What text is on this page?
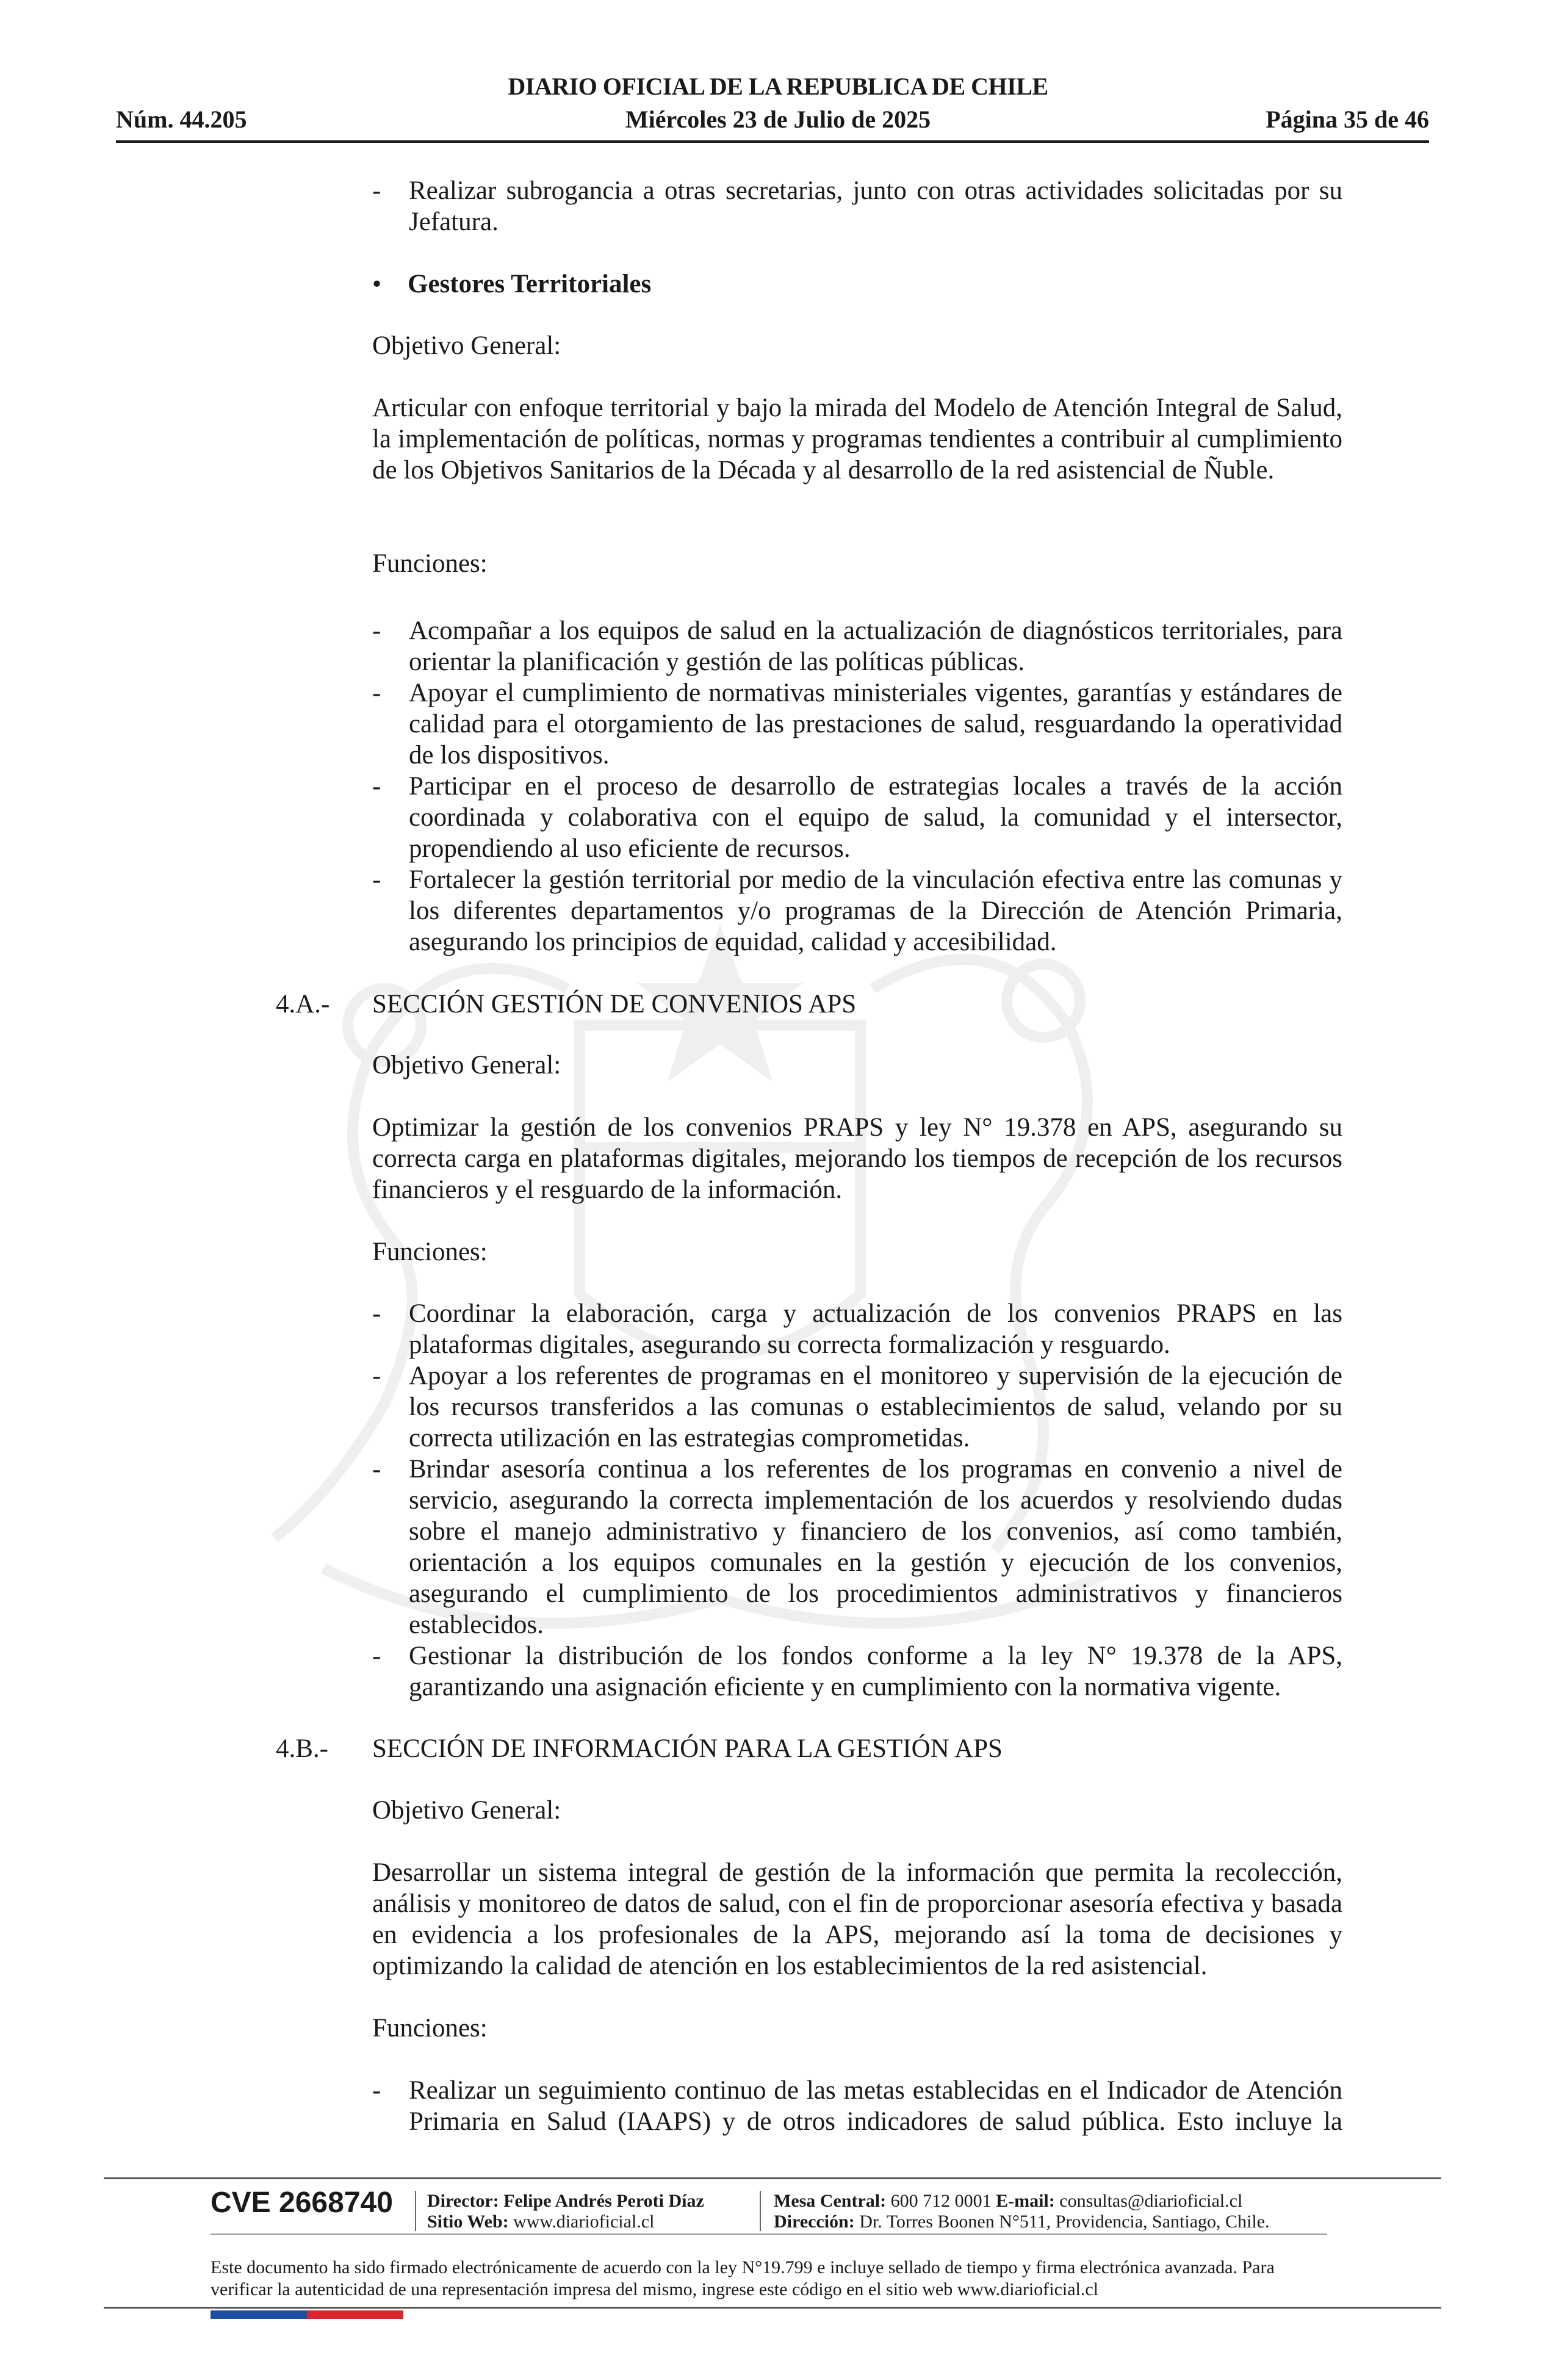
DIARIO OFICIAL DE LA REPUBLICA DE CHILE
Núm. 44.205	Miércoles 23 de Julio de 2025	Página 35 de 46
- Realizar subrogancia a otras secretarias, junto con otras actividades solicitadas por su Jefatura.
• Gestores Territoriales
Objetivo General:
Articular con enfoque territorial y bajo la mirada del Modelo de Atención Integral de Salud, la implementación de políticas, normas y programas tendientes a contribuir al cumplimiento de los Objetivos Sanitarios de la Década y al desarrollo de la red asistencial de Ñuble.
Funciones:
- Acompañar a los equipos de salud en la actualización de diagnósticos territoriales, para orientar la planificación y gestión de las políticas públicas.
- Apoyar el cumplimiento de normativas ministeriales vigentes, garantías y estándares de calidad para el otorgamiento de las prestaciones de salud, resguardando la operatividad de los dispositivos.
- Participar en el proceso de desarrollo de estrategias locales a través de la acción coordinada y colaborativa con el equipo de salud, la comunidad y el intersector, propendiendo al uso eficiente de recursos.
- Fortalecer la gestión territorial por medio de la vinculación efectiva entre las comunas y los diferentes departamentos y/o programas de la Dirección de Atención Primaria, asegurando los principios de equidad, calidad y accesibilidad.
4.A.- SECCIÓN GESTIÓN DE CONVENIOS APS
Objetivo General:
Optimizar la gestión de los convenios PRAPS y ley N° 19.378 en APS, asegurando su correcta carga en plataformas digitales, mejorando los tiempos de recepción de los recursos financieros y el resguardo de la información.
Funciones:
- Coordinar la elaboración, carga y actualización de los convenios PRAPS en las plataformas digitales, asegurando su correcta formalización y resguardo.
- Apoyar a los referentes de programas en el monitoreo y supervisión de la ejecución de los recursos transferidos a las comunas o establecimientos de salud, velando por su correcta utilización en las estrategias comprometidas.
- Brindar asesoría continua a los referentes de los programas en convenio a nivel de servicio, asegurando la correcta implementación de los acuerdos y resolviendo dudas sobre el manejo administrativo y financiero de los convenios, así como también, orientación a los equipos comunales en la gestión y ejecución de los convenios, asegurando el cumplimiento de los procedimientos administrativos y financieros establecidos.
- Gestionar la distribución de los fondos conforme a la ley N° 19.378 de la APS, garantizando una asignación eficiente y en cumplimiento con la normativa vigente.
4.B.- SECCIÓN DE INFORMACIÓN PARA LA GESTIÓN APS
Objetivo General:
Desarrollar un sistema integral de gestión de la información que permita la recolección, análisis y monitoreo de datos de salud, con el fin de proporcionar asesoría efectiva y basada en evidencia a los profesionales de la APS, mejorando así la toma de decisiones y optimizando la calidad de atención en los establecimientos de la red asistencial.
Funciones:
- Realizar un seguimiento continuo de las metas establecidas en el Indicador de Atención Primaria en Salud (IAAPS) y de otros indicadores de salud pública. Esto incluye la
CVE 2668740 Director: Felipe Andrés Peroti Díaz
Sitio Web: www.diarioficial.cl
Mesa Central: 600 712 0001 E-mail: consultas@diarioficial.cl
Dirección: Dr. Torres Boonen N°511, Providencia, Santiago, Chile.
Este documento ha sido firmado electrónicamente de acuerdo con la ley N°19.799 e incluye sellado de tiempo y firma electrónica avanzada. Para verificar la autenticidad de una representación impresa del mismo, ingrese este código en el sitio web www.diarioficial.cl
